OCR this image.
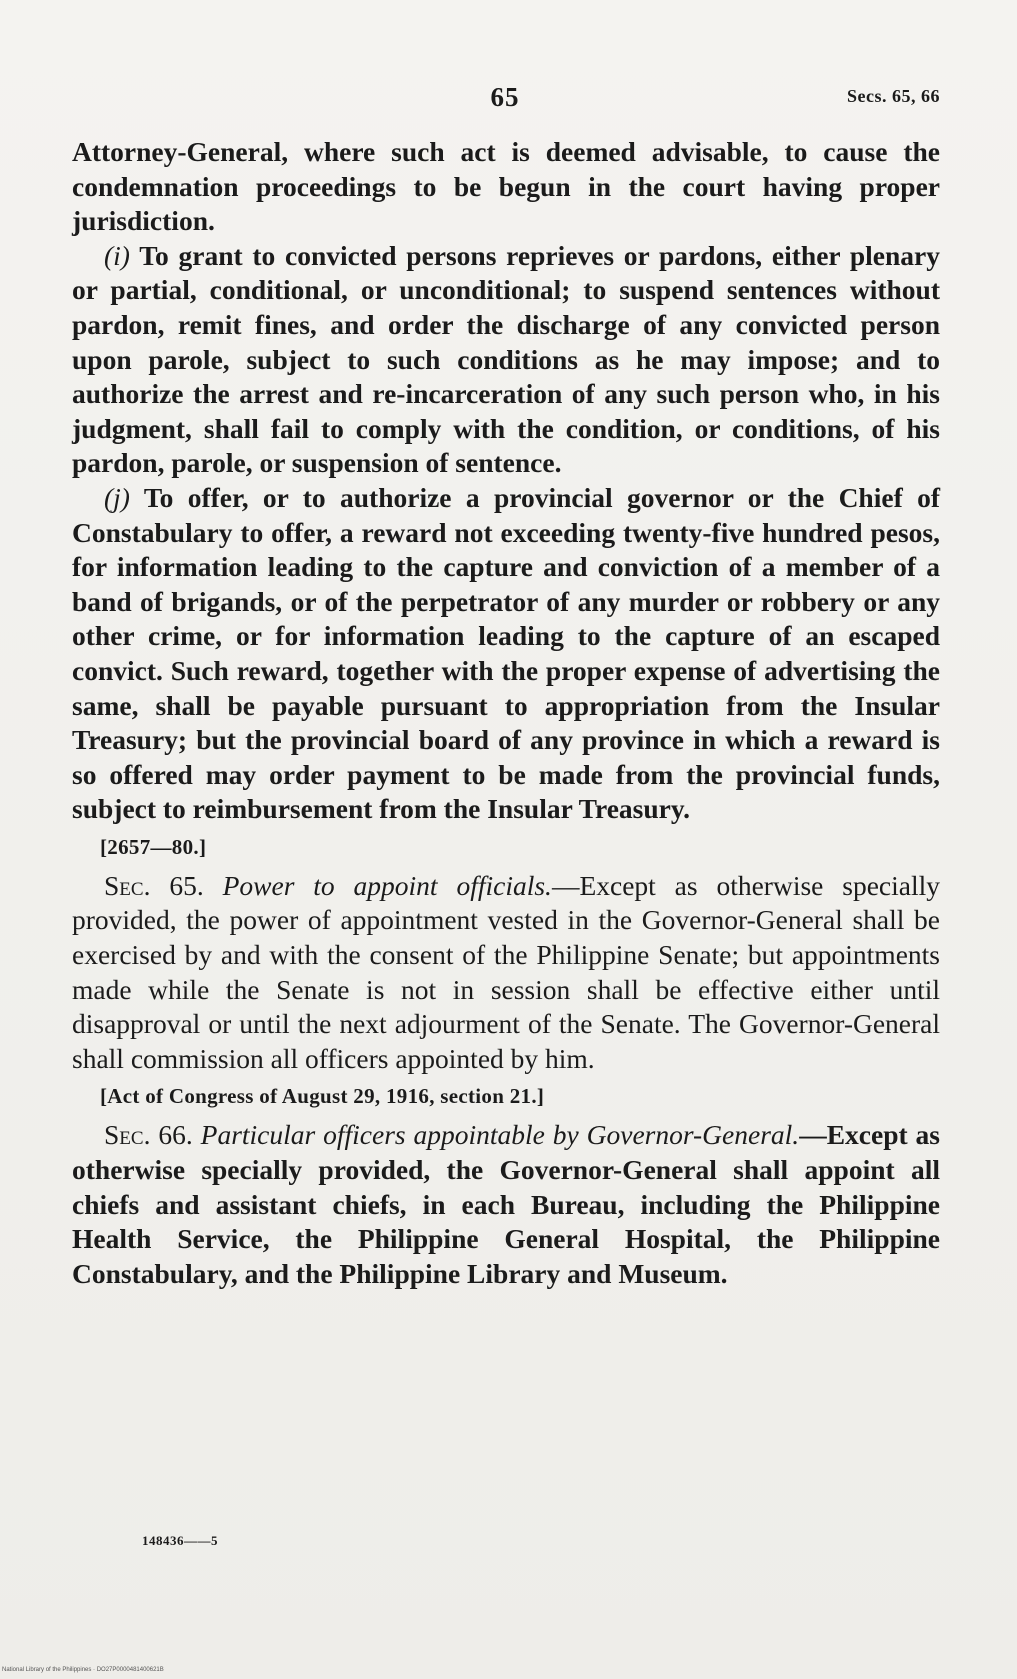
65	Secs. 65, 66

Attorney-General, where such act is deemed advisable, to cause the condemnation proceedings to be begun in the court having proper jurisdiction.

(i) To grant to convicted persons reprieves or pardons, either plenary or partial, conditional, or unconditional; to suspend sentences without pardon, remit fines, and order the discharge of any convicted person upon parole, subject to such conditions as he may impose; and to authorize the arrest and re-incarceration of any such person who, in his judgment, shall fail to comply with the condition, or conditions, of his pardon, parole, or suspension of sentence.

(j) To offer, or to authorize a provincial governor or the Chief of Constabulary to offer, a reward not exceeding twenty-five hundred pesos, for information leading to the capture and conviction of a member of a band of brigands, or of the perpetrator of any murder or robbery or any other crime, or for information leading to the capture of an escaped convict. Such reward, together with the proper expense of advertising the same, shall be payable pursuant to appropriation from the Insular Treasury; but the provincial board of any province in which a reward is so offered may order payment to be made from the provincial funds, subject to reimbursement from the Insular Treasury.

[2657—80.]

Sec. 65. Power to appoint officials.—Except as otherwise specially provided, the power of appointment vested in the Governor-General shall be exercised by and with the consent of the Philippine Senate; but appointments made while the Senate is not in session shall be effective either until disapproval or until the next adjourment of the Senate. The Governor-General shall commission all officers appointed by him.

[Act of Congress of August 29, 1916, section 21.]

Sec. 66. Particular officers appointable by Governor-General.—Except as otherwise specially provided, the Governor-General shall appoint all chiefs and assistant chiefs, in each Bureau, including the Philippine Health Service, the Philippine General Hospital, the Philippine Constabulary, and the Philippine Library and Museum.

148436——5
National Library of the Philippines · DO27P0000481400621B
